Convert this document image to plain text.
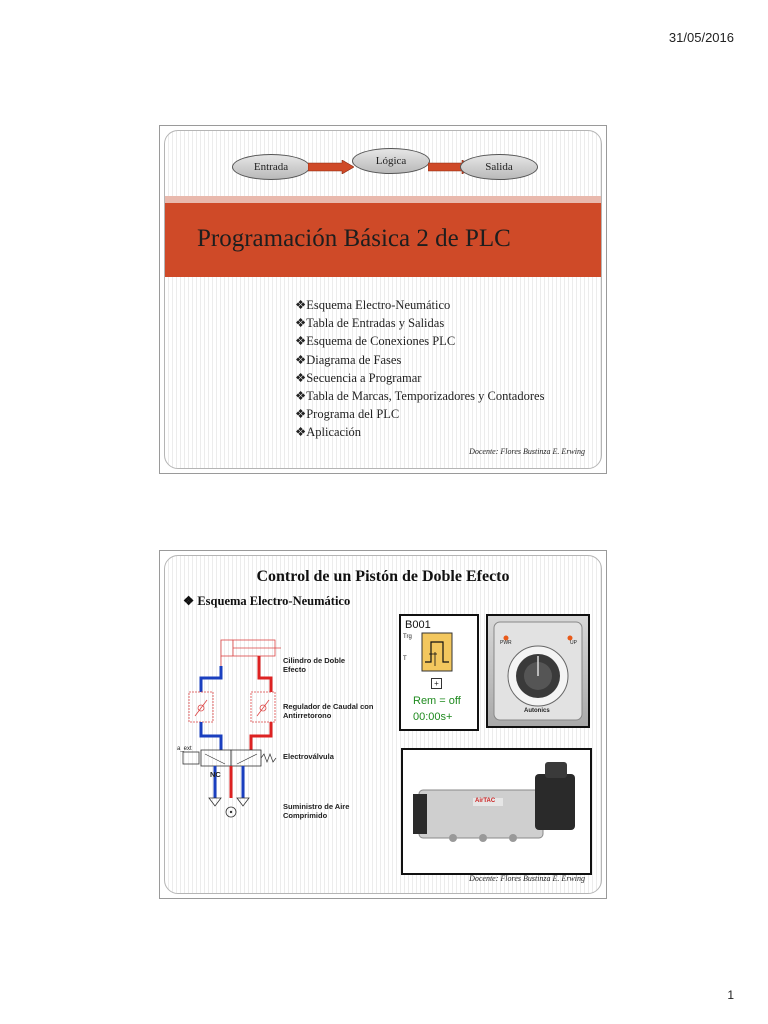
31/05/2016
Entrada	Lógica	Salida
Programación Básica 2 de PLC
❖Esquema Electro-Neumático
❖Tabla de Entradas y Salidas
❖Esquema de Conexiones PLC
❖Diagrama de Fases
❖Secuencia a Programar
❖Tabla de Marcas, Temporizadores y Contadores
❖Programa del PLC
❖Aplicación
Docente: Flores Bustinza E. Erwing
Control de un Pistón de Doble Efecto
❖ Esquema Electro-Neumático
a_ext
NC
Cilindro de Doble Efecto
Regulador de Caudal con Antirretorono
Electroválvula
Suministro de Aire Comprimido
B001
Trg
T
+
Rem = off
00:00s+
PWR	UP
Autonics
AirTAC
Docente: Flores Bustinza E. Erwing
1
